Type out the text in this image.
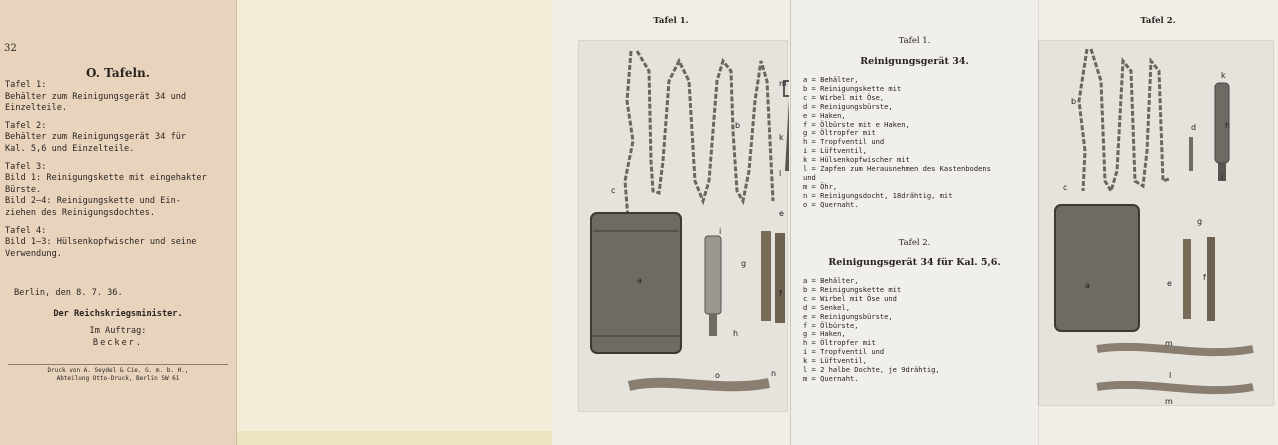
32
O. Tafeln.
Tafel 1:
Behälter zum Reinigungsgerät 34 und
Einzelteile.
Tafel 2:
Behälter zum Reinigungsgerät 34 für
Kal. 5,6 und Einzelteile.
Tafel 3:
Bild 1: Reinigungskette mit eingehakter
Bürste.
Bild 2—4: Reinigungskette und Ein-
ziehen des Reinigungsdochtes.
Tafel 4:
Bild 1—3: Hülsenkopfwischer und seine
Verwendung.
Berlin, den 8. 7. 36.
Der Reichskriegsminister.
Im Auftrag:
Becker.
Druck von A. Seydel & Cie. G. m. b. H.,
Abteilung Otto-Druck, Berlin SW 61
Tafel 1.
a
b
c
e
f
g
h
i
k
l
m
n
o
Tafel 1.
Reinigungsgerät 34.
a = Behälter,
b = Reinigungskette mit
c = Wirbel mit Öse,
d = Reinigungsbürste,
e = Haken,
f = Ölbürste mit e Haken,
g = Öltropfer mit
h = Tropfventil und
i = Lüftventil,
k = Hülsenkopfwischer mit
l = Zapfen zum Herausnehmen des Kastenbodens
und
m = Öhr,
n = Reinigungsdocht, 18drähtig, mit
o = Quernaht.
Tafel 2.
Reinigungsgerät 34 für Kal. 5,6.
a = Behälter,
b = Reinigungskette mit
c = Wirbel mit Öse und
d = Senkel,
e = Reinigungsbürste,
f = Ölbürste,
g = Haken,
h = Öltropfer mit
i = Tropfventil und
k = Lüftventil,
l = 2 halbe Dochte, je 9drähtig,
m = Quernaht.
Tafel 2.
a
b
c
d
e
f
g
h
i
k
l
m
m
